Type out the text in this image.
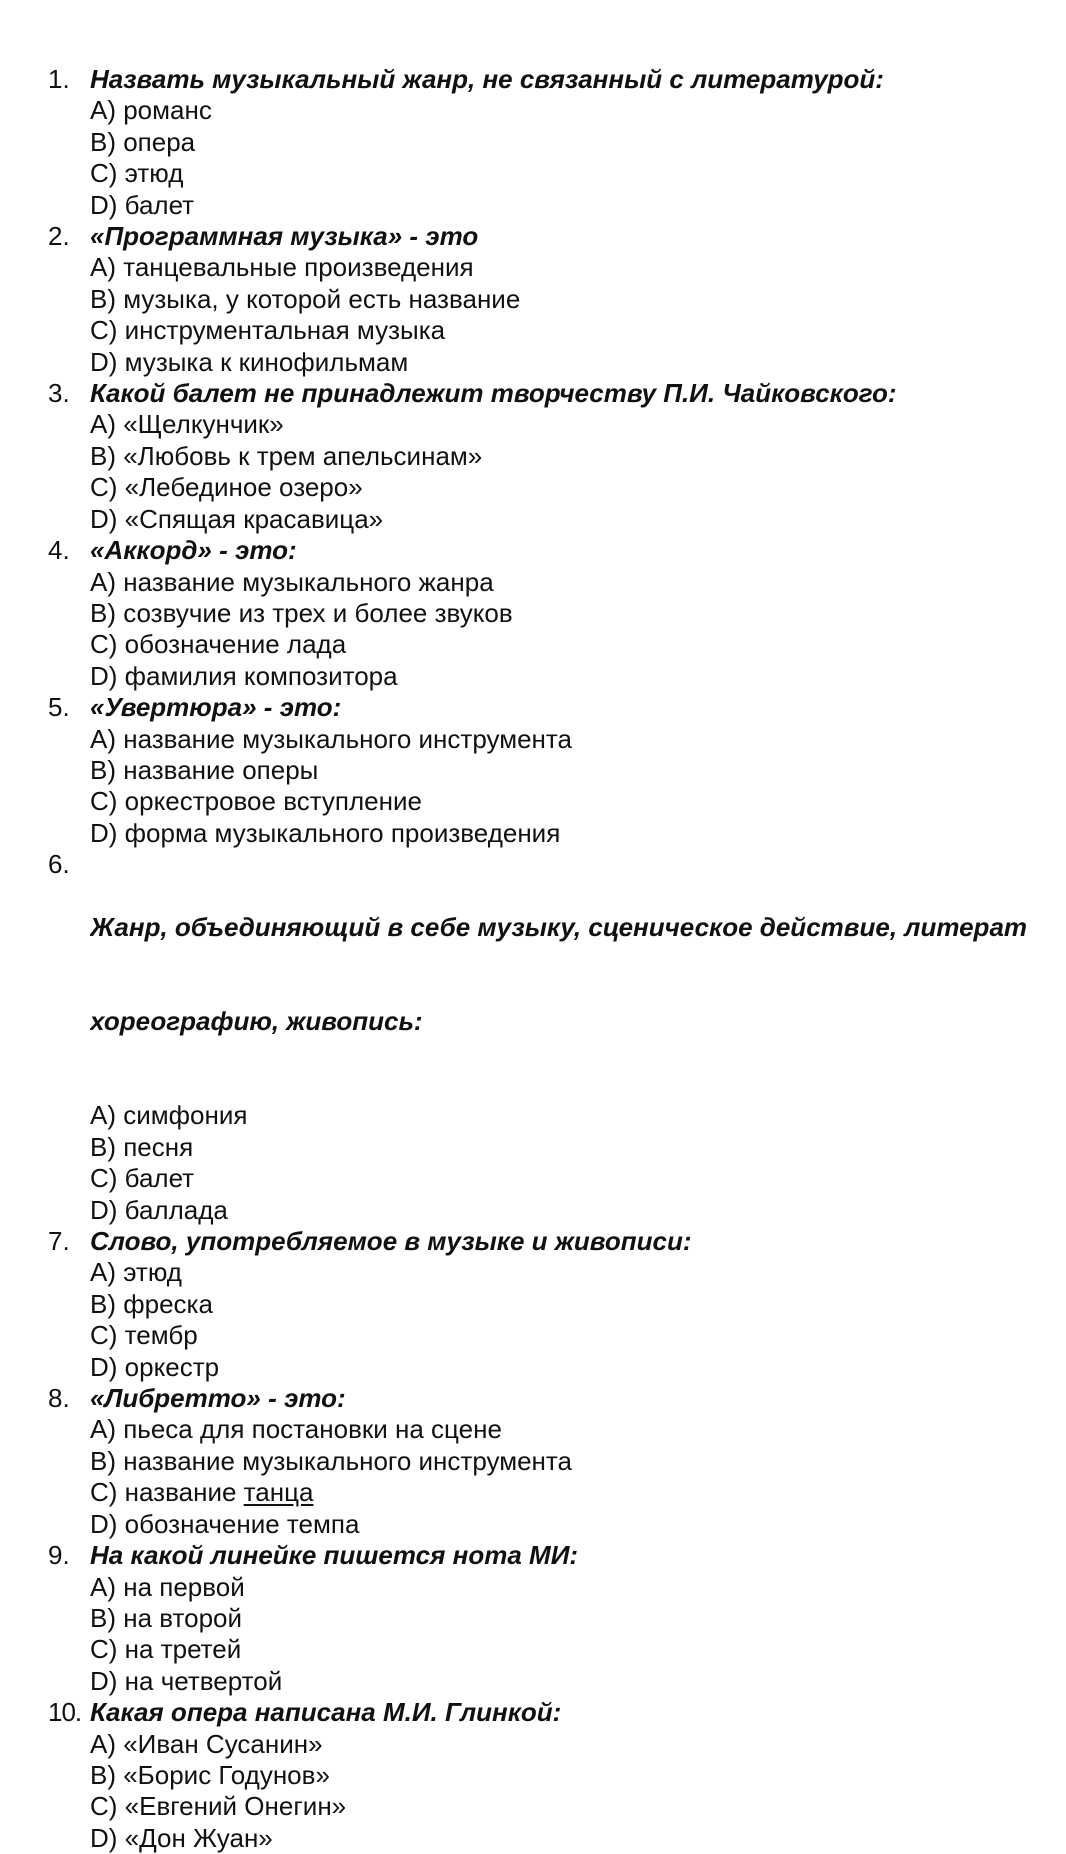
1. Назвать музыкальный жанр, не связанный с литературой:
А) романс
В) опера
С) этюд
D) балет
2. «Программная музыка» - это
А) танцевальные произведения
В) музыка, у которой есть название
С) инструментальная музыка
D) музыка к кинофильмам
3. Какой балет не принадлежит творчеству П.И. Чайковского:
А) «Щелкунчик»
В) «Любовь к трем апельсинам»
С) «Лебединое озеро»
D) «Спящая красавица»
4. «Аккорд» - это:
А) название музыкального жанра
В) созвучие из трех и более звуков
С) обозначение лада
D) фамилия композитора
5. «Увертюра» - это:
А) название музыкального инструмента
В) название оперы
С) оркестровое вступление
D) форма музыкального произведения
6.

Жанр, объединяющий в себе музыку, сценическое действие, литерат

хореографию, живопись:

А) симфония
В) песня
С) балет
D) баллада
7. Слово, употребляемое в музыке и живописи:
А) этюд
В) фреска
С) тембр
D) оркестр
8. «Либретто» - это:
А) пьеса для постановки на сцене
В) название музыкального инструмента
С) название танца
D) обозначение темпа
9. На какой линейке пишется нота МИ:
А) на первой
В) на второй
С) на третей
D) на четвертой
10. Какая опера написана М.И. Глинкой:
А) «Иван Сусанин»
В) «Борис Годунов»
С) «Евгений Онегин»
D) «Дон Жуан»
